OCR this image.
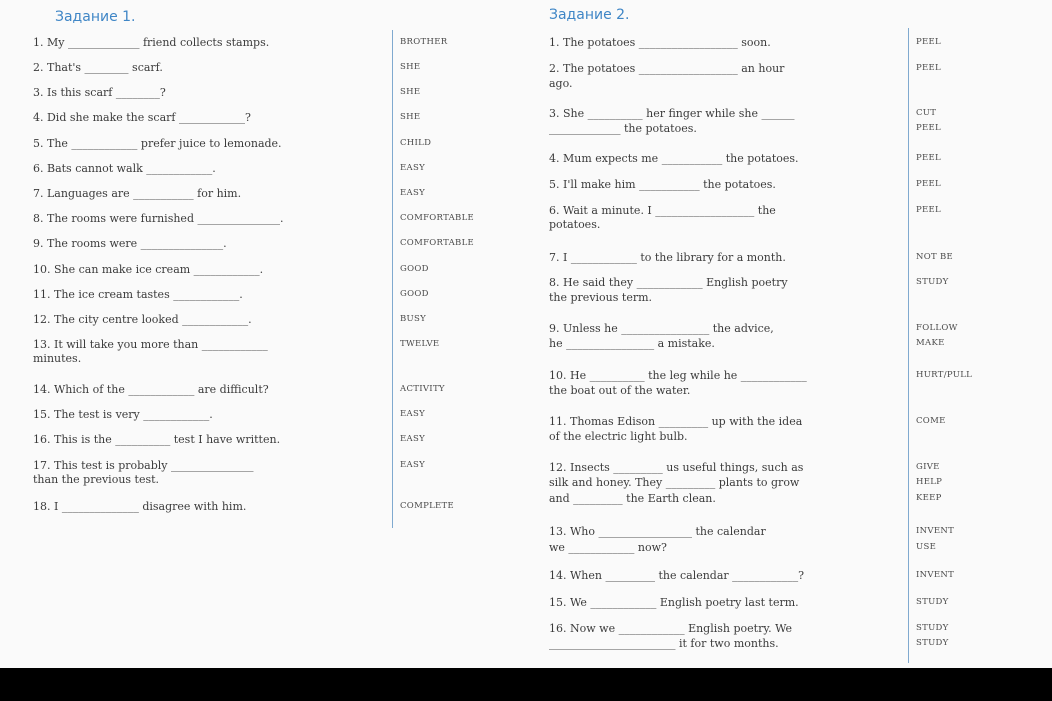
Задание 1.
1. My _____________ friend collects stamps.	BROTHER
2. That's ________ scarf.	SHE
3. Is this scarf ________?	SHE
4. Did she make the scarf ____________?	SHE
5. The ____________ prefer juice to lemonade.	CHILD
6. Bats cannot walk ____________.	EASY
7. Languages are ___________ for him.	EASY
8. The rooms were furnished _______________.	COMFORTABLE
9. The rooms were _______________.	COMFORTABLE
10. She can make ice cream ____________.	GOOD
11. The ice cream tastes ____________.	GOOD
12. The city centre looked ____________.	BUSY
13. It will take you more than ____________	TWELVE
minutes.
14. Which of the ____________ are difficult?	ACTIVITY
15. The test is very ____________.	EASY
16. This is the __________ test I have written.	EASY
17. This test is probably _______________	EASY
than the previous test.
18. I ______________ disagree with him.	COMPLETE
Задание 2.
1. The potatoes __________________ soon.	PEEL
2. The potatoes __________________ an hour	PEEL
ago.
3. She __________ her finger while she ______	CUT
_____________ the potatoes.	PEEL
4. Mum expects me ___________ the potatoes.	PEEL
5. I'll make him ___________ the potatoes.	PEEL
6. Wait a minute. I __________________ the	PEEL
potatoes.
7. I ____________ to the library for a month.	NOT BE
8. He said they ____________ English poetry	STUDY
the previous term.
9. Unless he ________________ the advice,	FOLLOW
he ________________ a mistake.	MAKE
10. He __________ the leg while he ____________	HURT/PULL
the boat out of the water.
11. Thomas Edison _________ up with the idea	COME
of the electric light bulb.
12. Insects _________ us useful things, such as	GIVE
silk and honey. They _________ plants to grow	HELP
and _________ the Earth clean.	KEEP
13. Who _________________ the calendar	INVENT
we ____________ now?	USE
14. When _________ the calendar ____________?	INVENT
15. We ____________ English poetry last term.	STUDY
16. Now we ____________ English poetry. We	STUDY
_______________________ it for two months.	STUDY
